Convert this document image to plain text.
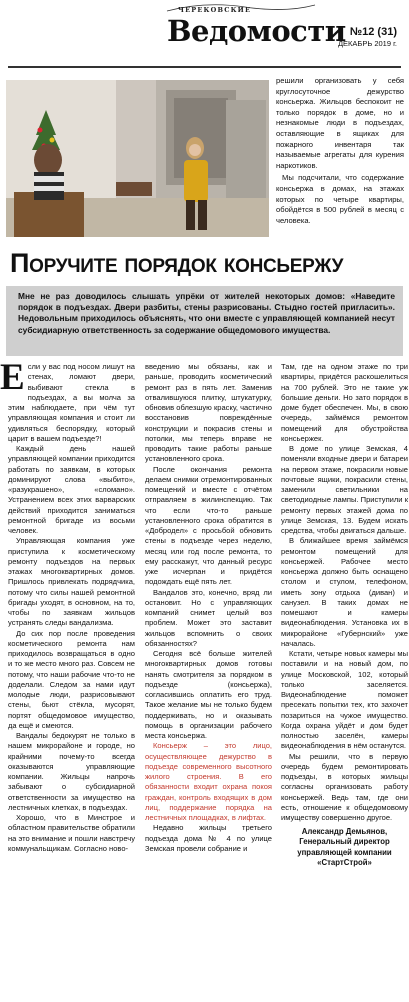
ЧЕРЕКОВСКИЕ
Ведомости №12 (31)
ДЕКАБРЬ 2019 г.

решили организовать у себя круглосуточное дежурство консьержа. Жильцов беспокоит не только порядок в доме, но и незнакомые люди в подъездах, оставляющие в ящиках для пожарного инвентаря так называемые агрегаты для курения наркотиков.

Мы подсчитали, что содержание консьержа в домах, на этажах которых по четыре квартиры, обойдётся в 500 рублей в месяц с человека.

Поручите порядок консьержу

Мне не раз доводилось слышать упрёки от жителей некоторых домов: «Наведите порядок в подъездах. Двери разбиты, стены разрисованы. Стыдно гостей пригласить». Недовольным приходилось объяснять, что они вместе с управляющей компанией несут субсидиарную ответственность за содержание общедомового имущества.

Если у вас под носом лишут на стенах, ломают двери, выбивают стекла в подъездах, а вы молча за этим наблюдаете, при чём тут управляющая компания и стоит ли удивляться беспорядку, который царит в вашем подъезде?!

Каждый день нашей управляющей компании приходится работать по заявкам, в которых доминируют слова «выбито», «разукрашено», «сломано». Устранением всех этих варварских действий приходится заниматься ремонтной бригаде из восьми человек.

Управляющая компания уже приступила к косметическому ремонту подъездов на первых этажах многоквартирных домов. Пришлось привлекать подрядчика, потому что силы нашей ремонтной бригады уходят, в основном, на то, чтобы по заявкам жильцов устранять следы вандализма.

До сих пор после проведения косметического ремонта нам приходилось возвращаться в одно и то же место много раз. Совсем не потому, что наши рабочие что-то не доделали. Следом за нами идут молодые люди, разрисовывают стены, бьют стёкла, мусорят, портят общедомовое имущество, да ещё и смеются.

Вандалы бедокурят не только в нашем микрорайоне и городе, но крайними почему-то всегда оказываются управляющие компании. Жильцы напрочь забывают о субсидиарной ответственности за имущество на лестничных клетках, в подъездах.

Хорошо, что в Минстрое и областном правительстве обратили на это внимание и пошли навстречу коммунальщикам. Согласно ново-

введению мы обязаны, как и раньше, проводить косметический ремонт раз в пять лет. Заменив отвалившуюся плитку, штукатурку, обновив облезшую краску, частично восстановив повреждённые конструкции и покрасив стены и потолки, мы теперь вправе не проводить такие работы раньше установленного срока.

После окончания ремонта делаем снимки отремонтированных помещений и вместе с отчётом отправляем в жилинспекцию. Так что если что-то раньше установленного срока обратится в «Добродел» с просьбой обновить стены в подъезде через неделю, месяц или год после ремонта, то ему расскажут, что данный ресурс уже исчерпан и придётся подождать ещё пять лет.

Вандалов это, конечно, вряд ли остановит. Но с управляющих компаний снимет целый воз проблем. Может это заставит жильцов вспомнить о своих обязанностях?

Сегодня всё больше жителей многоквартирных домов готовы нанять смотрителя за порядком в подъезде (консьержа), согласившись оплатить его труд. Такое желание мы не только будем поддерживать, но и оказывать помощь в организации рабочего места консьержа.

Консьерж – это лицо, осуществляющее дежурство в подъезде современного высотного жилого строения. В его обязанности входит охрана покоя граждан, контроль входящих в дом лиц, поддержание порядка на лестничных площадках, в лифтах.

Недавно жильцы третьего подъезда дома № 4 по улице Земская провели собрание и

Там, где на одном этаже по три квартиры, придётся раскошелиться на 700 рублей. Это не такие уж большие деньги. Но зато порядок в доме будет обеспечен. Мы, в свою очередь, займёмся ремонтом помещений для обустройства консьержек.

В доме по улице Земская, 4 поменяли входные двери и батареи на первом этаже, покрасили новые почтовые ящики, покрасили стены, заменили светильники на светодиодные лампы. Приступили к ремонту первых этажей дома по улице Земская, 13. Будем искать средства, чтобы двигаться дальше.

В ближайшее время займёмся ремонтом помещений для консьержей. Рабочее место консьержа должно быть оснащено столом и стулом, телефоном, иметь зону отдыха (диван) и санузел. В таких домах не помешают и камеры видеонаблюдения. Установка их в микрорайоне «Губернский» уже началась.

Кстати, четыре новых камеры мы поставили и на новый дом, по улице Московской, 102, который только заселяется. Видеонаблюдение поможет пресекать попытки тех, кто захочет позариться на чужое имущество. Когда охрана уйдёт и дом будет полностью заселён, камеры видеонаблюдения в нём останутся.

Мы решили, что в первую очередь будем ремонтировать подъезды, в которых жильцы согласны организовать работу консьержей. Ведь там, где они есть, отношение к общедомовому имуществу совершенно другое.

Александр Демьянов,
Генеральный директор управляющей компании «СтартСтрой»
